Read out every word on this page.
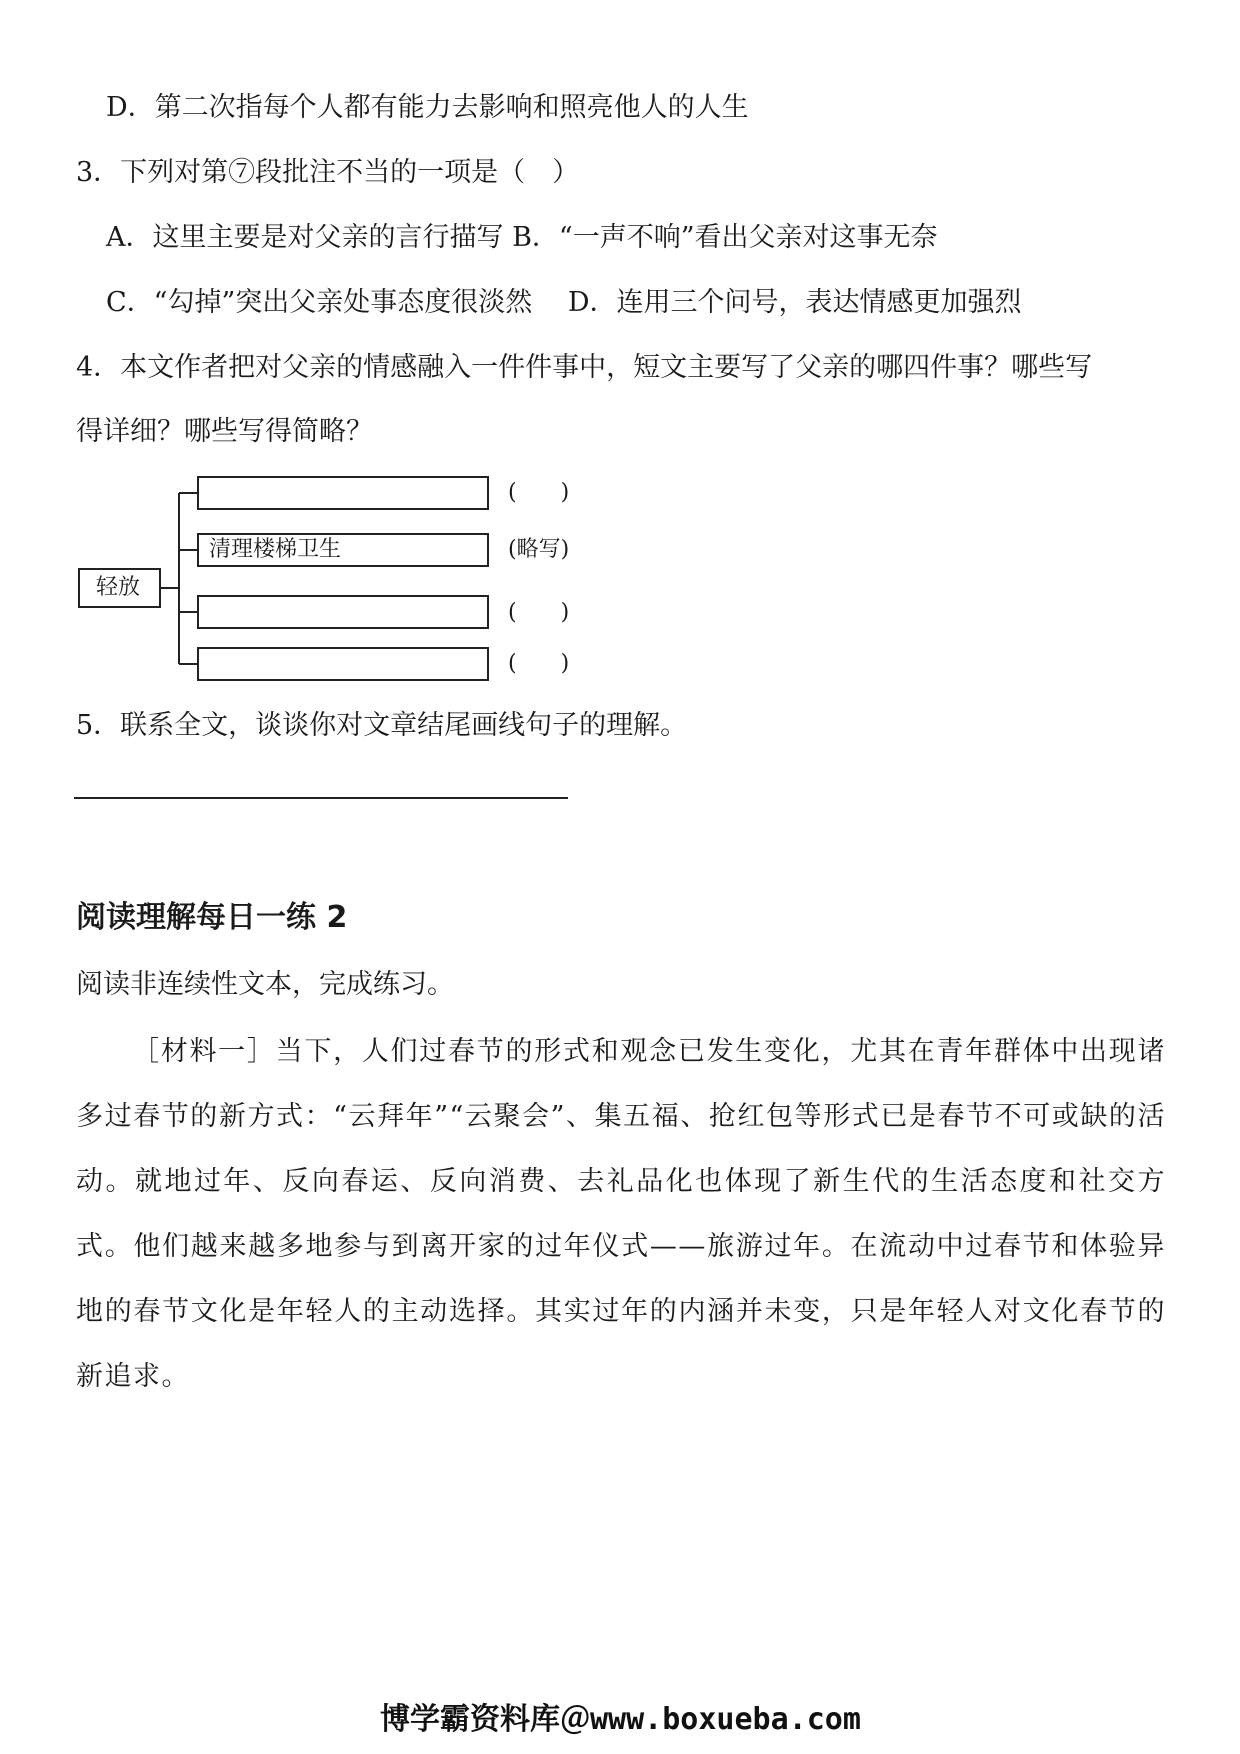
D．第二次指每个人都有能力去影响和照亮他人的人生
3．下列对第⑦段批注不当的一项是（　）
A．这里主要是对父亲的言行描写 B．“一声不响”看出父亲对这事无奈
C．“勾掉”突出父亲处事态度很淡然　 D．连用三个问号，表达情感更加强烈
4．本文作者把对父亲的情感融入一件件事中，短文主要写了父亲的哪四件事？哪些写
得详细？哪些写得简略？
轻放
清理楼梯卫生
(　　)
(略写)
(　　)
(　　)
5．联系全文，谈谈你对文章结尾画线句子的理解。
阅读理解每日一练 2
阅读非连续性文本，完成练习。
［材料一］当下，人们过春节的形式和观念已发生变化，尤其在青年群体中出现诸多过春节的新方式：“云拜年”“云聚会”、集五福、抢红包等形式已是春节不可或缺的活动。就地过年、反向春运、反向消费、去礼品化也体现了新生代的生活态度和社交方式。他们越来越多地参与到离开家的过年仪式——旅游过年。在流动中过春节和体验异地的春节文化是年轻人的主动选择。其实过年的内涵并未变，只是年轻人对文化春节的新追求。
博学霸资料库＠www.boxueba.com
